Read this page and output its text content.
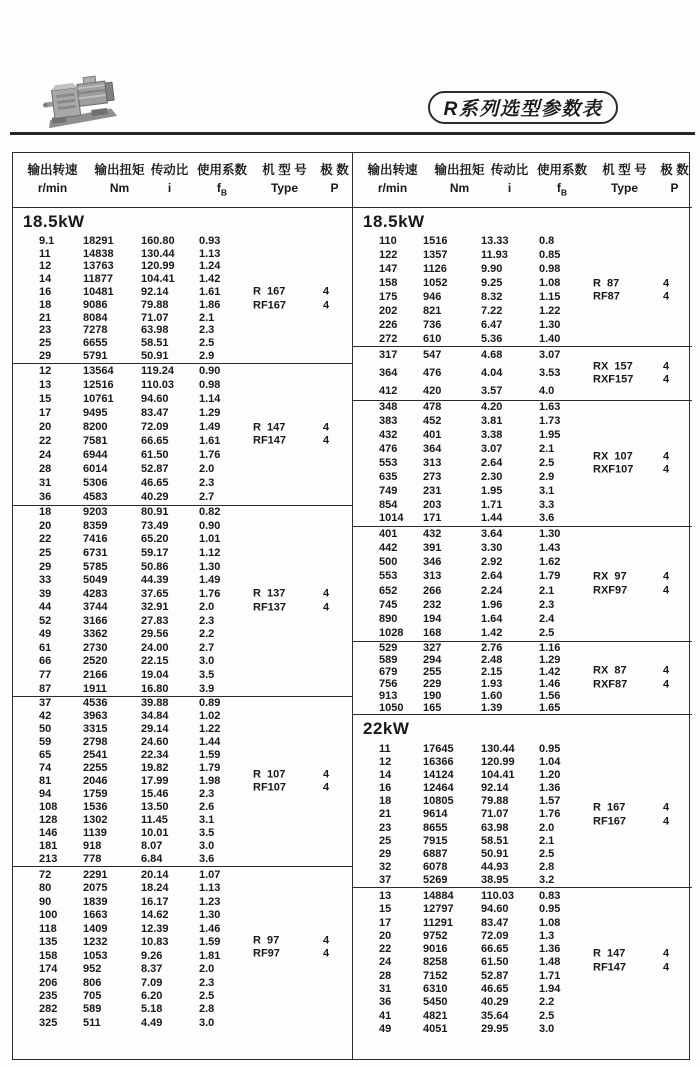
R系列选型参数表
输出转速	输出扭矩 传动比 使用系数	机 型 号	极 数
r/min	Nm	i	$f_B$	Type	P
18.5kW
9.1	18291	160.80	0.93
11	14838	130.44	1.13
12	13763	120.99	1.24
14	11877	104.41	1.42
16	10481	92.14	1.61
18	9086	79.88	1.86
21	8084	71.07	2.1
23	7278	63.98	2.3
25	6655	58.51	2.5
29	5791	50.91	2.9
R  167	4
RF167	4
12	13564	119.24	0.90
13	12516	110.03	0.98
15	10761	94.60	1.14
17	9495	83.47	1.29
20	8200	72.09	1.49
22	7581	66.65	1.61
24	6944	61.50	1.76
28	6014	52.87	2.0
31	5306	46.65	2.3
36	4583	40.29	2.7
R  147	4
RF147	4
18	9203	80.91	0.82
20	8359	73.49	0.90
22	7416	65.20	1.01
25	6731	59.17	1.12
29	5785	50.86	1.30
33	5049	44.39	1.49
39	4283	37.65	1.76
44	3744	32.91	2.0
52	3166	27.83	2.3
49	3362	29.56	2.2
61	2730	24.00	2.7
66	2520	22.15	3.0
77	2166	19.04	3.5
87	1911	16.80	3.9
R  137	4
RF137	4
37	4536	39.88	0.89
42	3963	34.84	1.02
50	3315	29.14	1.22
59	2798	24.60	1.44
65	2541	22.34	1.59
74	2255	19.82	1.79
81	2046	17.99	1.98
94	1759	15.46	2.3
108	1536	13.50	2.6
128	1302	11.45	3.1
146	1139	10.01	3.5
181	918	8.07	3.0
213	778	6.84	3.6
R  107	4
RF107	4
72	2291	20.14	1.07
80	2075	18.24	1.13
90	1839	16.17	1.23
100	1663	14.62	1.30
118	1409	12.39	1.46
135	1232	10.83	1.59
158	1053	9.26	1.81
174	952	8.37	2.0
206	806	7.09	2.3
235	705	6.20	2.5
282	589	5.18	2.8
325	511	4.49	3.0
R  97	4
RF97	4
输出转速	输出扭矩 传动比 使用系数	机 型 号	极 数
r/min	Nm	i	$f_B$	Type	P
18.5kW
110	1516	13.33	0.8
122	1357	11.93	0.85
147	1126	9.90	0.98
158	1052	9.25	1.08
175	946	8.32	1.15
202	821	7.22	1.22
226	736	6.47	1.30
272	610	5.36	1.40
R  87	4
RF87	4
317	547	4.68	3.07
364	476	4.04	3.53
412	420	3.57	4.0
RX  157	4
RXF157	4
348	478	4.20	1.63
383	452	3.81	1.73
432	401	3.38	1.95
476	364	3.07	2.1
553	313	2.64	2.5
635	273	2.30	2.9
749	231	1.95	3.1
854	203	1.71	3.3
1014	171	1.44	3.6
RX  107	4
RXF107	4
401	432	3.64	1.30
442	391	3.30	1.43
500	346	2.92	1.62
553	313	2.64	1.79
652	266	2.24	2.1
745	232	1.96	2.3
890	194	1.64	2.4
1028	168	1.42	2.5
RX  97	4
RXF97	4
529	327	2.76	1.16
589	294	2.48	1.29
679	255	2.15	1.42
756	229	1.93	1.46
913	190	1.60	1.56
1050	165	1.39	1.65
RX  87	4
RXF87	4
22kW
11	17645	130.44	0.95
12	16366	120.99	1.04
14	14124	104.41	1.20
16	12464	92.14	1.36
18	10805	79.88	1.57
21	9614	71.07	1.76
23	8655	63.98	2.0
25	7915	58.51	2.1
29	6887	50.91	2.5
32	6078	44.93	2.8
37	5269	38.95	3.2
R  167	4
RF167	4
13	14884	110.03	0.83
15	12797	94.60	0.95
17	11291	83.47	1.08
20	9752	72.09	1.3
22	9016	66.65	1.36
24	8258	61.50	1.48
28	7152	52.87	1.71
31	6310	46.65	1.94
36	5450	40.29	2.2
41	4821	35.64	2.5
49	4051	29.95	3.0
R  147	4
RF147	4
